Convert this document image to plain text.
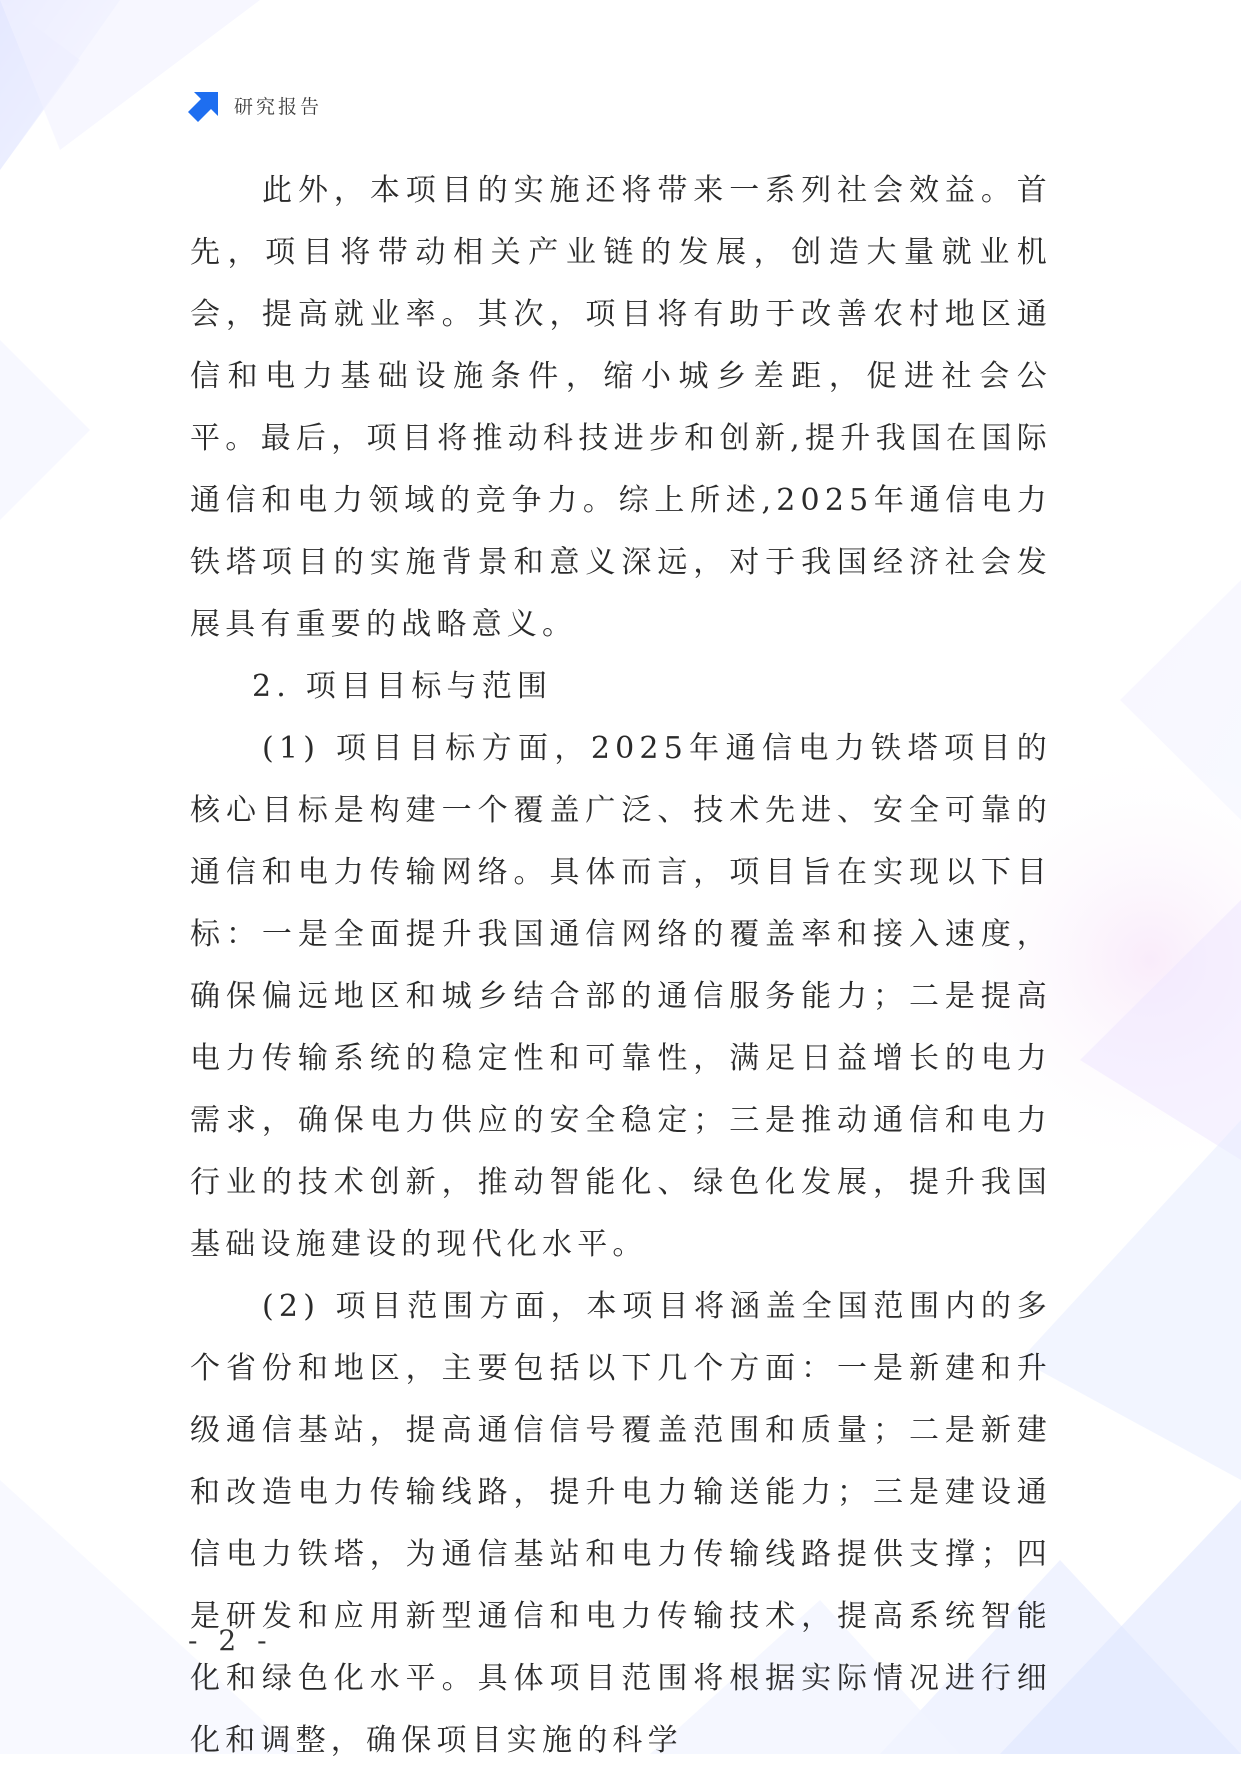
研究报告

此外，本项目的实施还将带来一系列社会效益。首先，项目将带动相关产业链的发展，创造大量就业机会，提高就业率。其次，项目将有助于改善农村地区通信和电力基础设施条件，缩小城乡差距，促进社会公平。最后，项目将推动科技进步和创新,提升我国在国际通信和电力领域的竞争力。综上所述,2025年通信电力铁塔项目的实施背景和意义深远，对于我国经济社会发展具有重要的战略意义。

2. 项目目标与范围

(1) 项目目标方面，2025年通信电力铁塔项目的核心目标是构建一个覆盖广泛、技术先进、安全可靠的通信和电力传输网络。具体而言，项目旨在实现以下目标：一是全面提升我国通信网络的覆盖率和接入速度，确保偏远地区和城乡结合部的通信服务能力；二是提高电力传输系统的稳定性和可靠性，满足日益增长的电力需求，确保电力供应的安全稳定；三是推动通信和电力行业的技术创新，推动智能化、绿色化发展，提升我国基础设施建设的现代化水平。

(2) 项目范围方面，本项目将涵盖全国范围内的多个省份和地区，主要包括以下几个方面：一是新建和升级通信基站，提高通信信号覆盖范围和质量；二是新建和改造电力传输线路，提升电力输送能力；三是建设通信电力铁塔，为通信基站和电力传输线路提供支撑；四是研发和应用新型通信和电力传输技术，提高系统智能化和绿色化水平。具体项目范围将根据实际情况进行细化和调整，确保项目实施的科学

- 2 -
